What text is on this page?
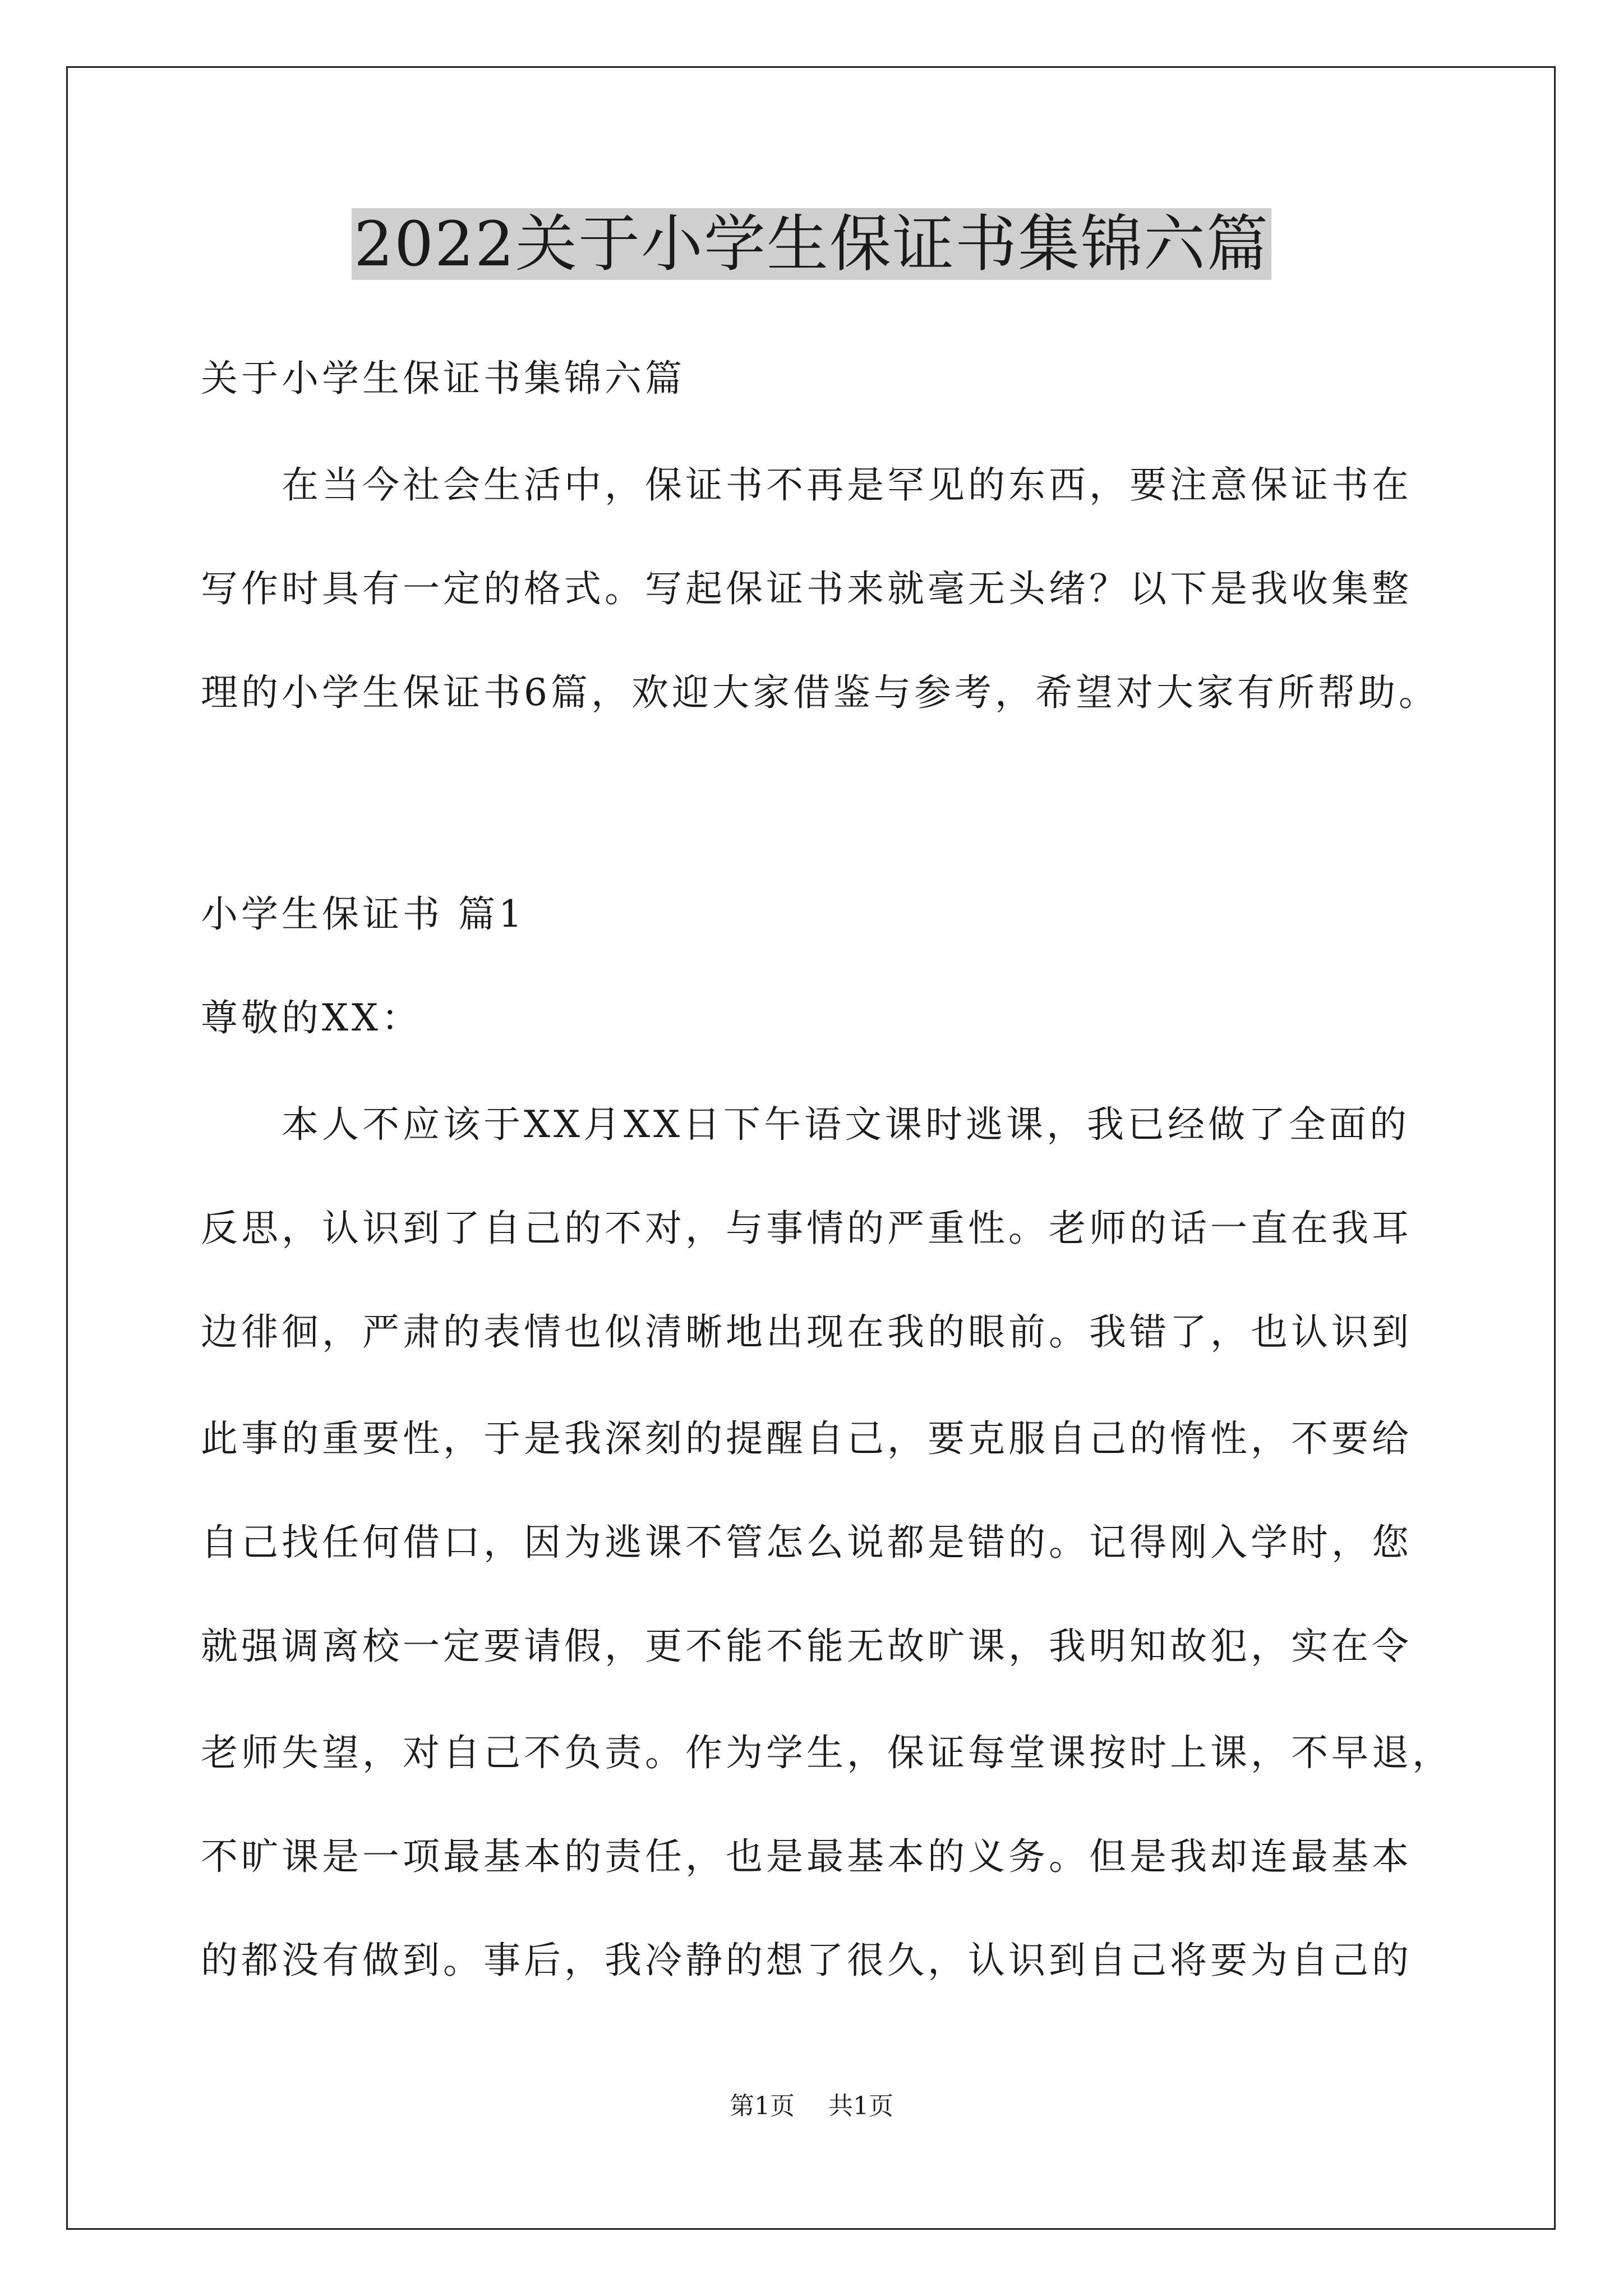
2022关于小学生保证书集锦六篇
关于小学生保证书集锦六篇
　　在当今社会生活中，保证书不再是罕见的东西，要注意保证书在
写作时具有一定的格式。写起保证书来就毫无头绪？以下是我收集整
理的小学生保证书6篇，欢迎大家借鉴与参考，希望对大家有所帮助。
小学生保证书 篇1
尊敬的XX：
　　本人不应该于XX月XX日下午语文课时逃课，我已经做了全面的
反思，认识到了自己的不对，与事情的严重性。老师的话一直在我耳
边徘徊，严肃的表情也似清晰地出现在我的眼前。我错了，也认识到
此事的重要性，于是我深刻的提醒自己，要克服自己的惰性，不要给
自己找任何借口，因为逃课不管怎么说都是错的。记得刚入学时，您
就强调离校一定要请假，更不能不能无故旷课，我明知故犯，实在令
老师失望，对自己不负责。作为学生，保证每堂课按时上课，不早退，
不旷课是一项最基本的责任，也是最基本的义务。但是我却连最基本
的都没有做到。事后，我冷静的想了很久，认识到自己将要为自己的
第1页 共1页
